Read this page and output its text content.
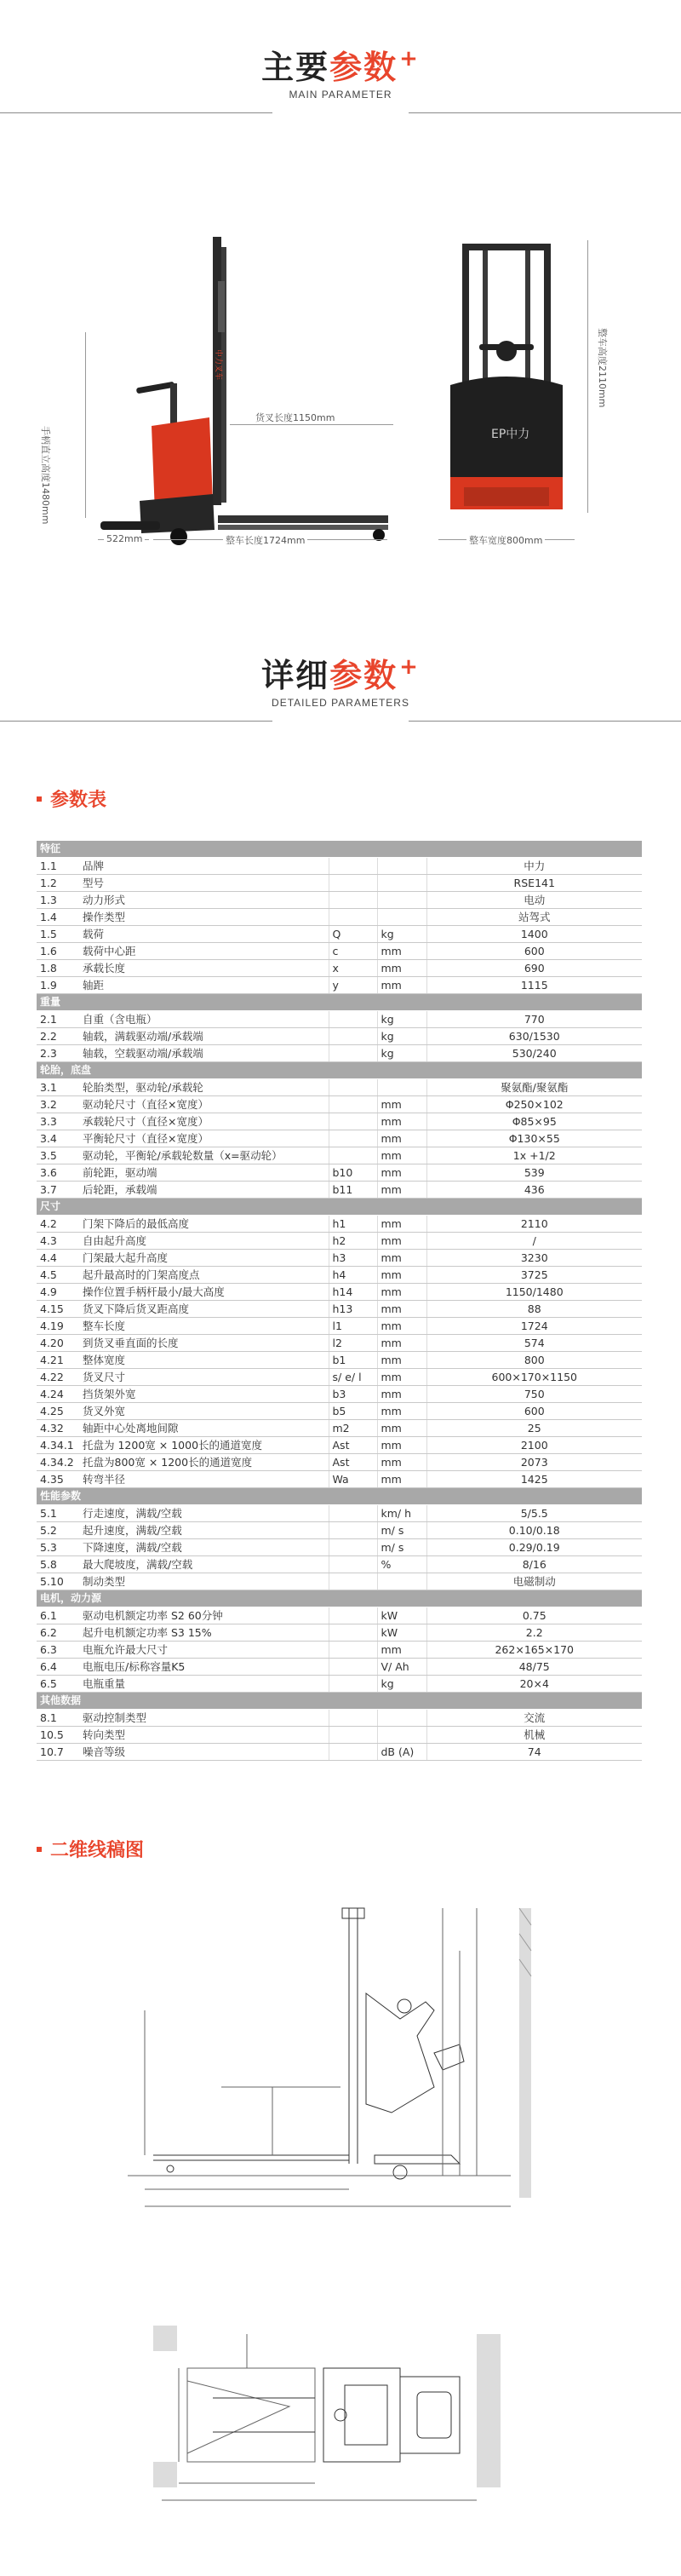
主要参数+
MAIN PARAMETER
中力叉车
手柄直立高度1480mm
货叉长度1150mm
522mm	整车长度1724mm
EP中力
整车高度2110mm
整车宽度800mm
详细参数+
DETAILED PARAMETERS
参数表
特征				
1.1	品牌			中力
1.2	型号			RSE141
1.3	动力形式			电动
1.4	操作类型			站驾式
1.5	载荷	Q	kg	1400
1.6	载荷中心距	c	mm	600
1.8	承载长度	x	mm	690
1.9	轴距	y	mm	1115
重量				
2.1	自重（含电瓶）		kg	770
2.2	轴载，满载驱动端/承载端		kg	630/1530
2.3	轴载，空载驱动端/承载端		kg	530/240
轮胎，底盘				
3.1	轮胎类型，驱动轮/承载轮			聚氨酯/聚氨酯
3.2	驱动轮尺寸（直径×宽度）		mm	Φ250×102
3.3	承载轮尺寸（直径×宽度）		mm	Φ85×95
3.4	平衡轮尺寸（直径×宽度）		mm	Φ130×55
3.5	驱动轮，平衡轮/承载轮数量（x=驱动轮）		mm	1x +1/2
3.6	前轮距，驱动端	b10	mm	539
3.7	后轮距，承载端	b11	mm	436
尺寸				
4.2	门架下降后的最低高度	h1	mm	2110
4.3	自由起升高度	h2	mm	/
4.4	门架最大起升高度	h3	mm	3230
4.5	起升最高时的门架高度点	h4	mm	3725
4.9	操作位置手柄杆最小/最大高度	h14	mm	1150/1480
4.15	货叉下降后货叉距高度	h13	mm	88
4.19	整车长度	l1	mm	1724
4.20	到货叉垂直面的长度	l2	mm	574
4.21	整体宽度	b1	mm	800
4.22	货叉尺寸	s/ e/ l	mm	600×170×1150
4.24	挡货架外宽	b3	mm	750
4.25	货叉外宽	b5	mm	600
4.32	轴距中心处离地间隙	m2	mm	25
4.34.1	托盘为 1200宽 × 1000长的通道宽度	Ast	mm	2100
4.34.2	托盘为800宽 × 1200长的通道宽度	Ast	mm	2073
4.35	转弯半径	Wa	mm	1425
性能参数				
5.1	行走速度，满载/空载		km/ h	5/5.5
5.2	起升速度，满载/空载		m/ s	0.10/0.18
5.3	下降速度，满载/空载		m/ s	0.29/0.19
5.8	最大爬坡度，满载/空载		%	8/16
5.10	制动类型			电磁制动
电机，动力源				
6.1	驱动电机额定功率 S2 60分钟		kW	0.75
6.2	起升电机额定功率 S3 15%		kW	2.2
6.3	电瓶允许最大尺寸		mm	262×165×170
6.4	电瓶电压/标称容量K5		V/ Ah	48/75
6.5	电瓶重量		kg	20×4
其他数据				
8.1	驱动控制类型			交流
10.5	转向类型			机械
10.7	噪音等级		dB (A)	74
二维线稿图
